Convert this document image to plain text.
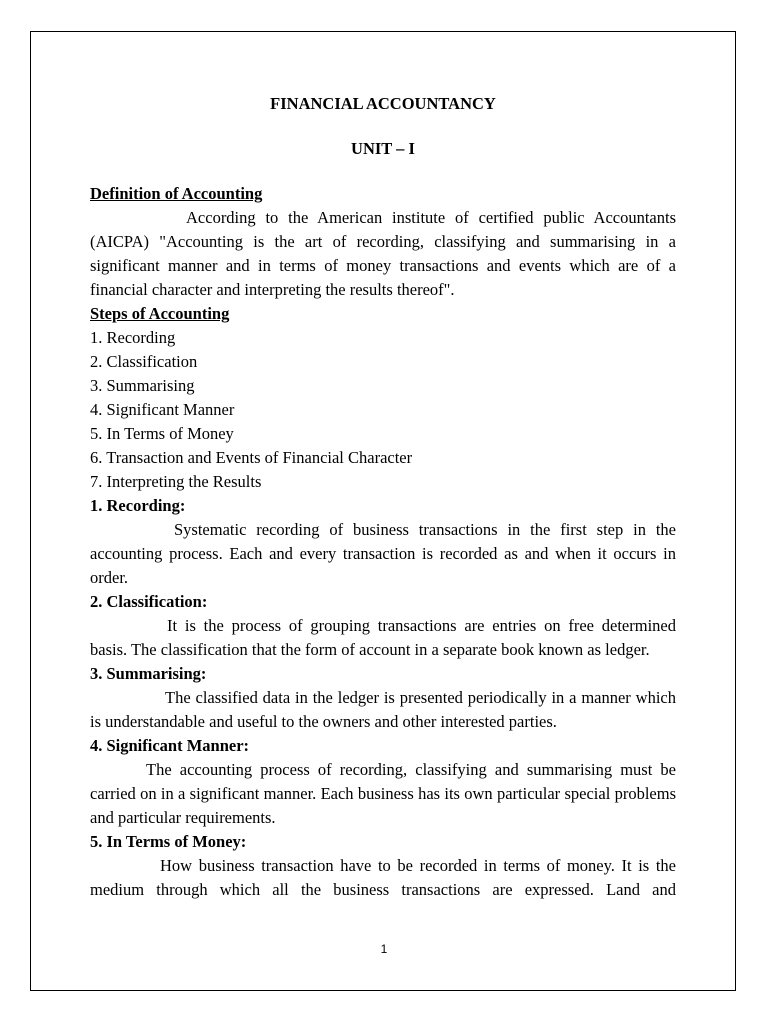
FINANCIAL ACCOUNTANCY

UNIT – I

Definition of Accounting

According to the American institute of certified public Accountants (AICPA) "Accounting is the art of recording, classifying and summarising in a significant manner and in terms of money transactions and events which are of a financial character and interpreting the results thereof".

Steps of Accounting

1. Recording
2. Classification
3. Summarising
4. Significant Manner
5. In Terms of Money
6. Transaction and Events of Financial Character
7. Interpreting the Results

1. Recording:

Systematic recording of business transactions in the first step in the accounting process. Each and every transaction is recorded as and when it occurs in order.

2. Classification:

It is the process of grouping transactions are entries on free determined basis. The classification that the form of account in a separate book known as ledger.

3. Summarising:

The classified data in the ledger is presented periodically in a manner which is understandable and useful to the owners and other interested parties.

4. Significant Manner:

The accounting process of recording, classifying and summarising must be carried on in a significant manner. Each business has its own particular special problems and particular requirements.

5. In Terms of Money:

How business transaction have to be recorded in terms of money. It is the medium through which all the business transactions are expressed. Land and

1
